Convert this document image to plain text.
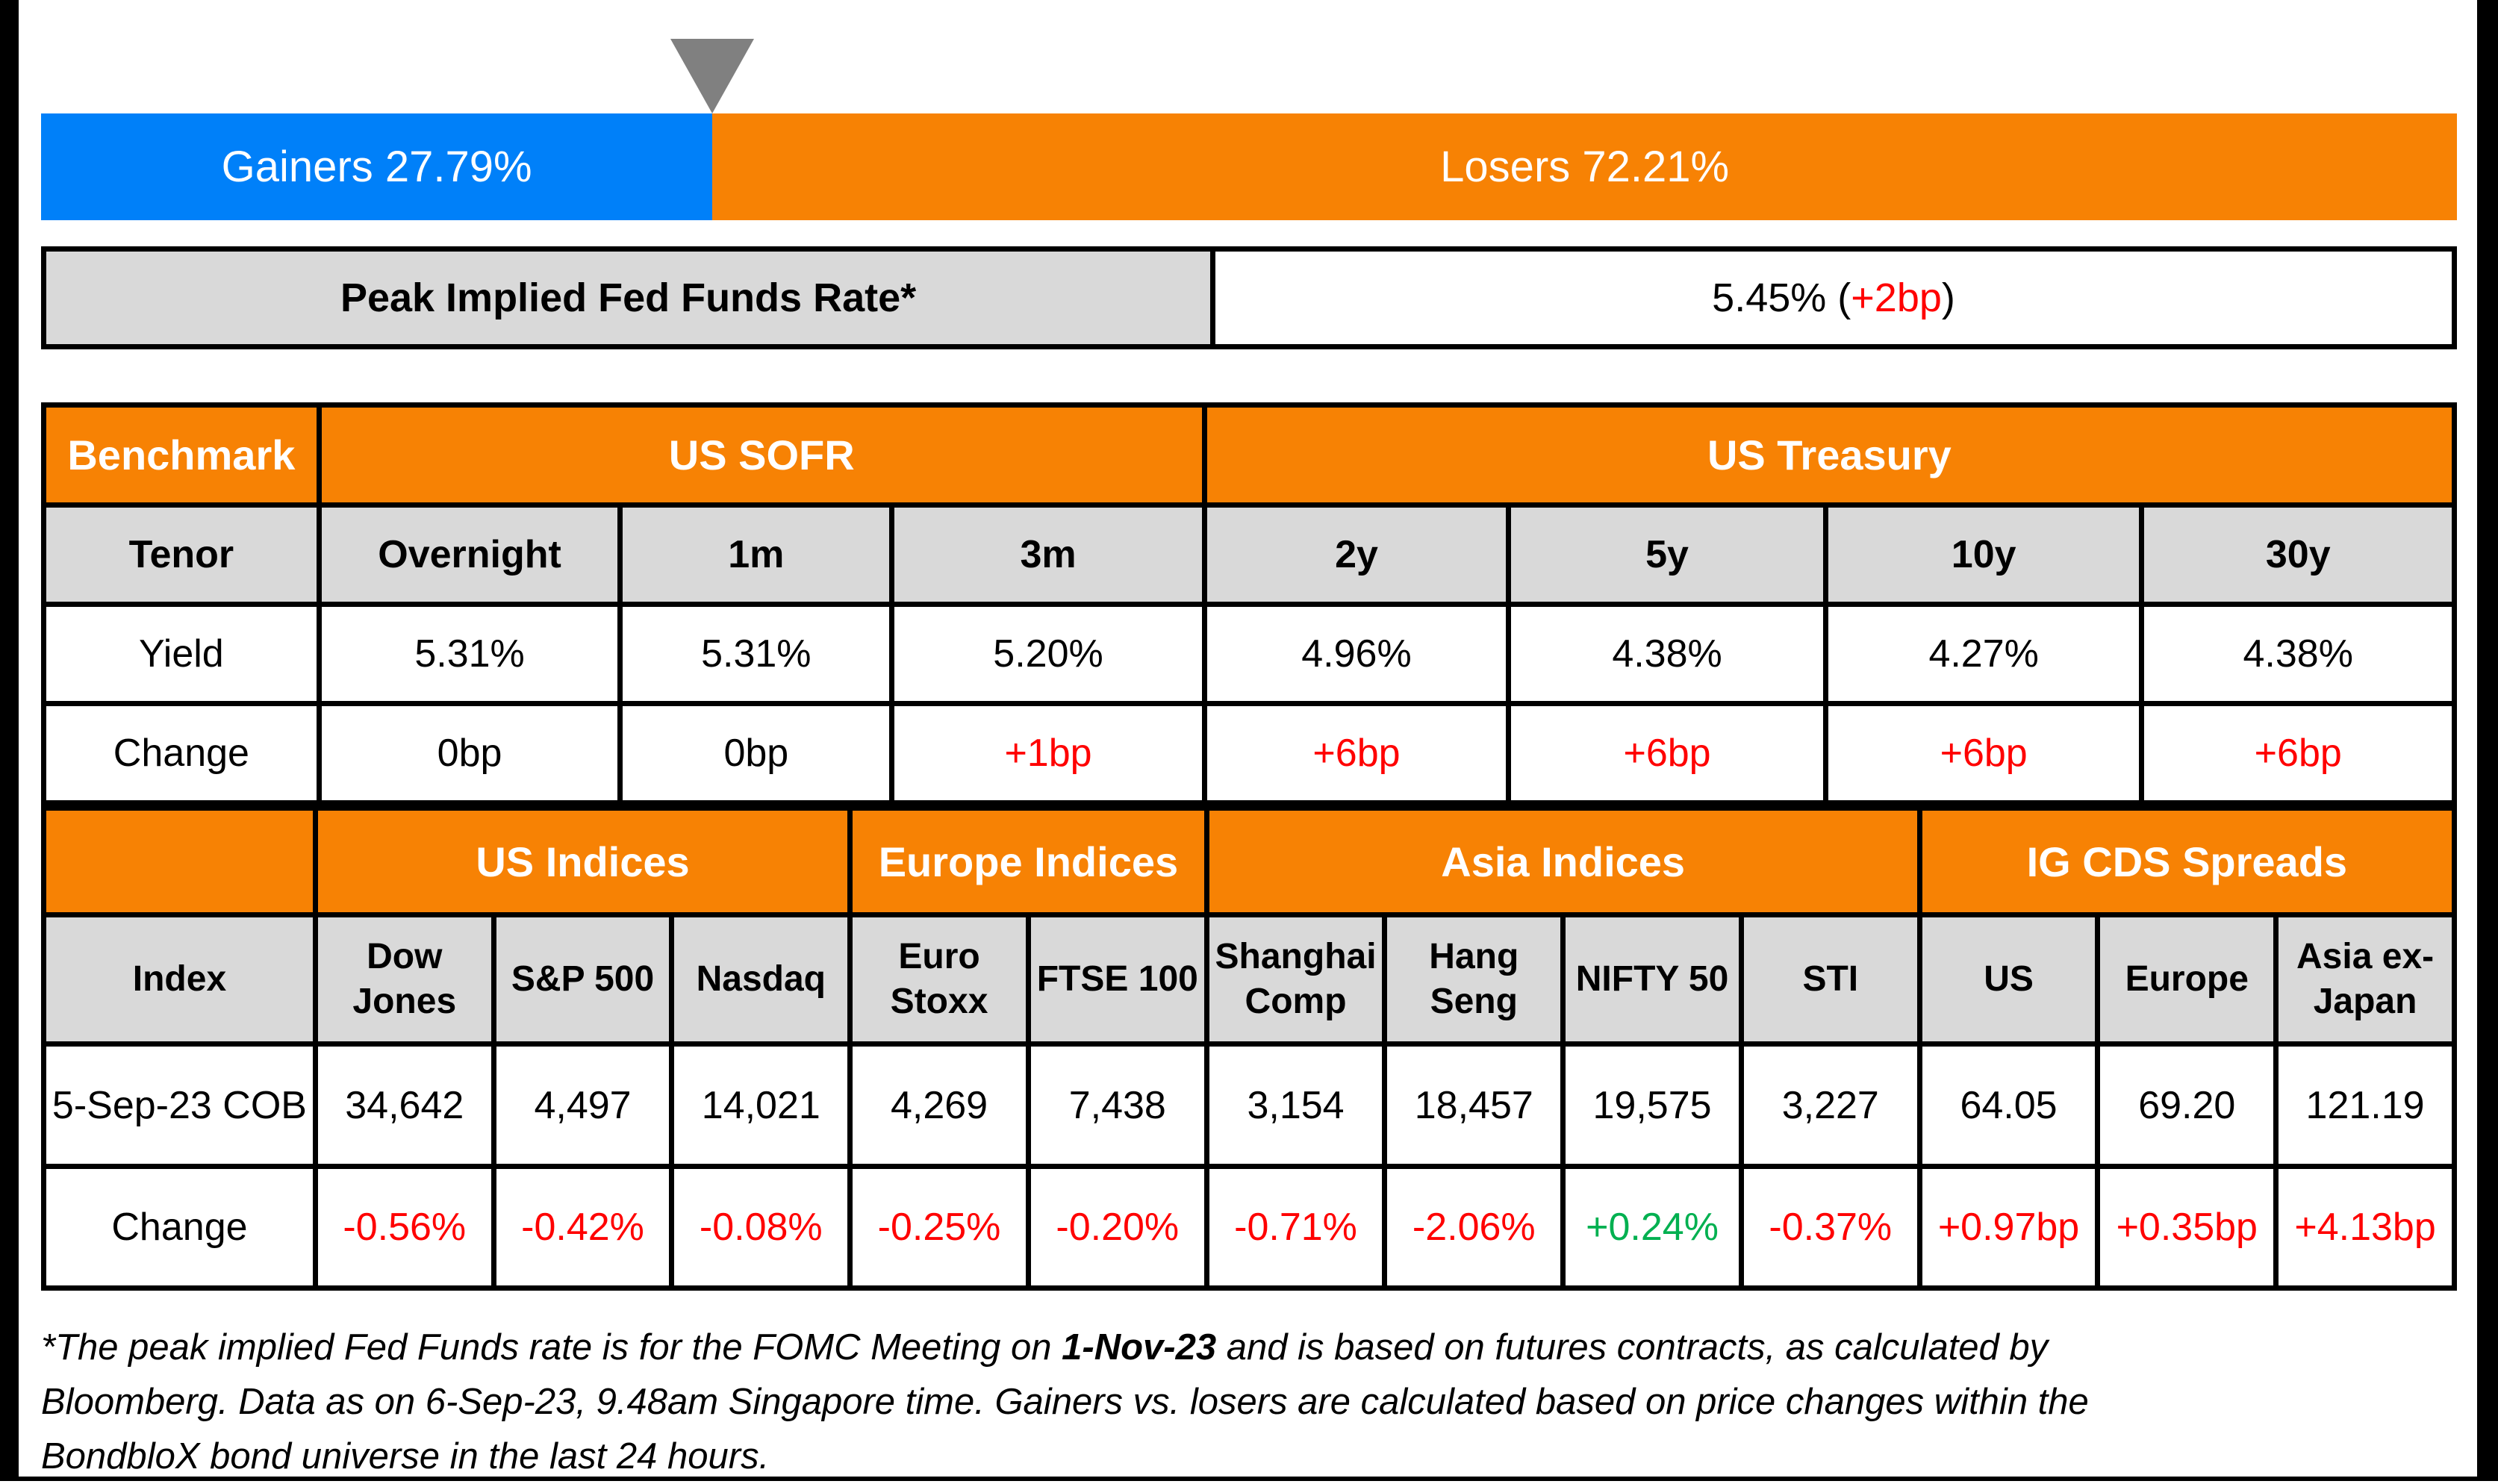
Gainers 27.79%	Losers 72.21%
Peak Implied Fed Funds Rate*	5.45% (+2bp)
Benchmark	US SOFR			US Treasury			
Tenor	Overnight	1m	3m	2y	5y	10y	30y
Yield	5.31%	5.31%	5.20%	4.96%	4.38%	4.27%	4.38%
Change	0bp	0bp	+1bp	+6bp	+6bp	+6bp	+6bp
	US Indices			Europe Indices		Asia Indices				IG CDS Spreads		
Index	Dow Jones	S&P 500	Nasdaq	Euro Stoxx	FTSE 100	Shanghai Comp	Hang Seng	NIFTY 50	STI	US	Europe	Asia ex-Japan
5-Sep-23 COB	34,642	4,497	14,021	4,269	7,438	3,154	18,457	19,575	3,227	64.05	69.20	121.19
Change	-0.56%	-0.42%	-0.08%	-0.25%	-0.20%	-0.71%	-2.06%	+0.24%	-0.37%	+0.97bp	+0.35bp	+4.13bp

*The peak implied Fed Funds rate is for the FOMC Meeting on 1-Nov-23 and is based on futures contracts, as calculated by
Bloomberg. Data as on 6-Sep-23, 9.48am Singapore time. Gainers vs. losers are calculated based on price changes within the
BondbloX bond universe in the last 24 hours.
